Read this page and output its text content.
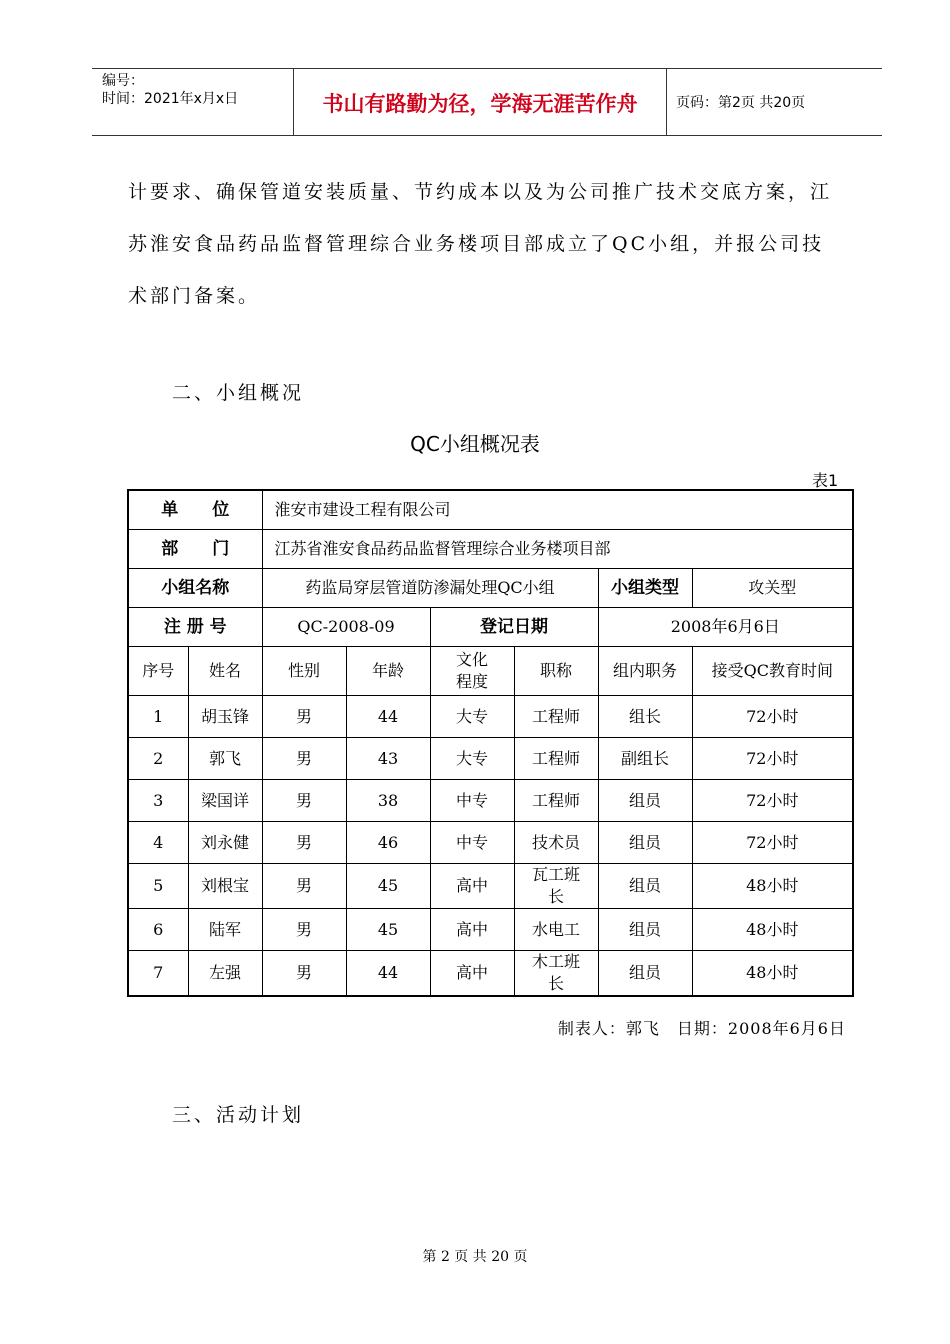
编号：
时间：2021年x月x日	书山有路勤为径，学海无涯苦作舟	页码：第2页 共20页
计要求、确保管道安装质量、节约成本以及为公司推广技术交底方案，江
苏淮安食品药品监督管理综合业务楼项目部成立了QC小组，并报公司技
术部门备案。
二、小组概况
QC小组概况表
表1
单　　位		淮安市建设工程有限公司					
部　　门		江苏省淮安食品药品监督管理综合业务楼项目部					
小组名称		药监局穿层管道防渗漏处理QC小组				小组类型	攻关型
注 册 号		QC-2008-09		登记日期		2008年6月6日	
序号	姓名	性别	年龄	文化程度	职称	组内职务	接受QC教育时间
1	胡玉锋	男	44	大专	工程师	组长	72小时
2	郭飞	男	43	大专	工程师	副组长	72小时
3	梁国详	男	38	中专	工程师	组员	72小时
4	刘永健	男	46	中专	技术员	组员	72小时
5	刘根宝	男	45	高中	瓦工班长	组员	48小时
6	陆军	男	45	高中	水电工	组员	48小时
7	左强	男	44	高中	木工班长	组员	48小时
制表人：郭飞　日期：2008年6月6日
三、活动计划
第 2 页 共 20 页
